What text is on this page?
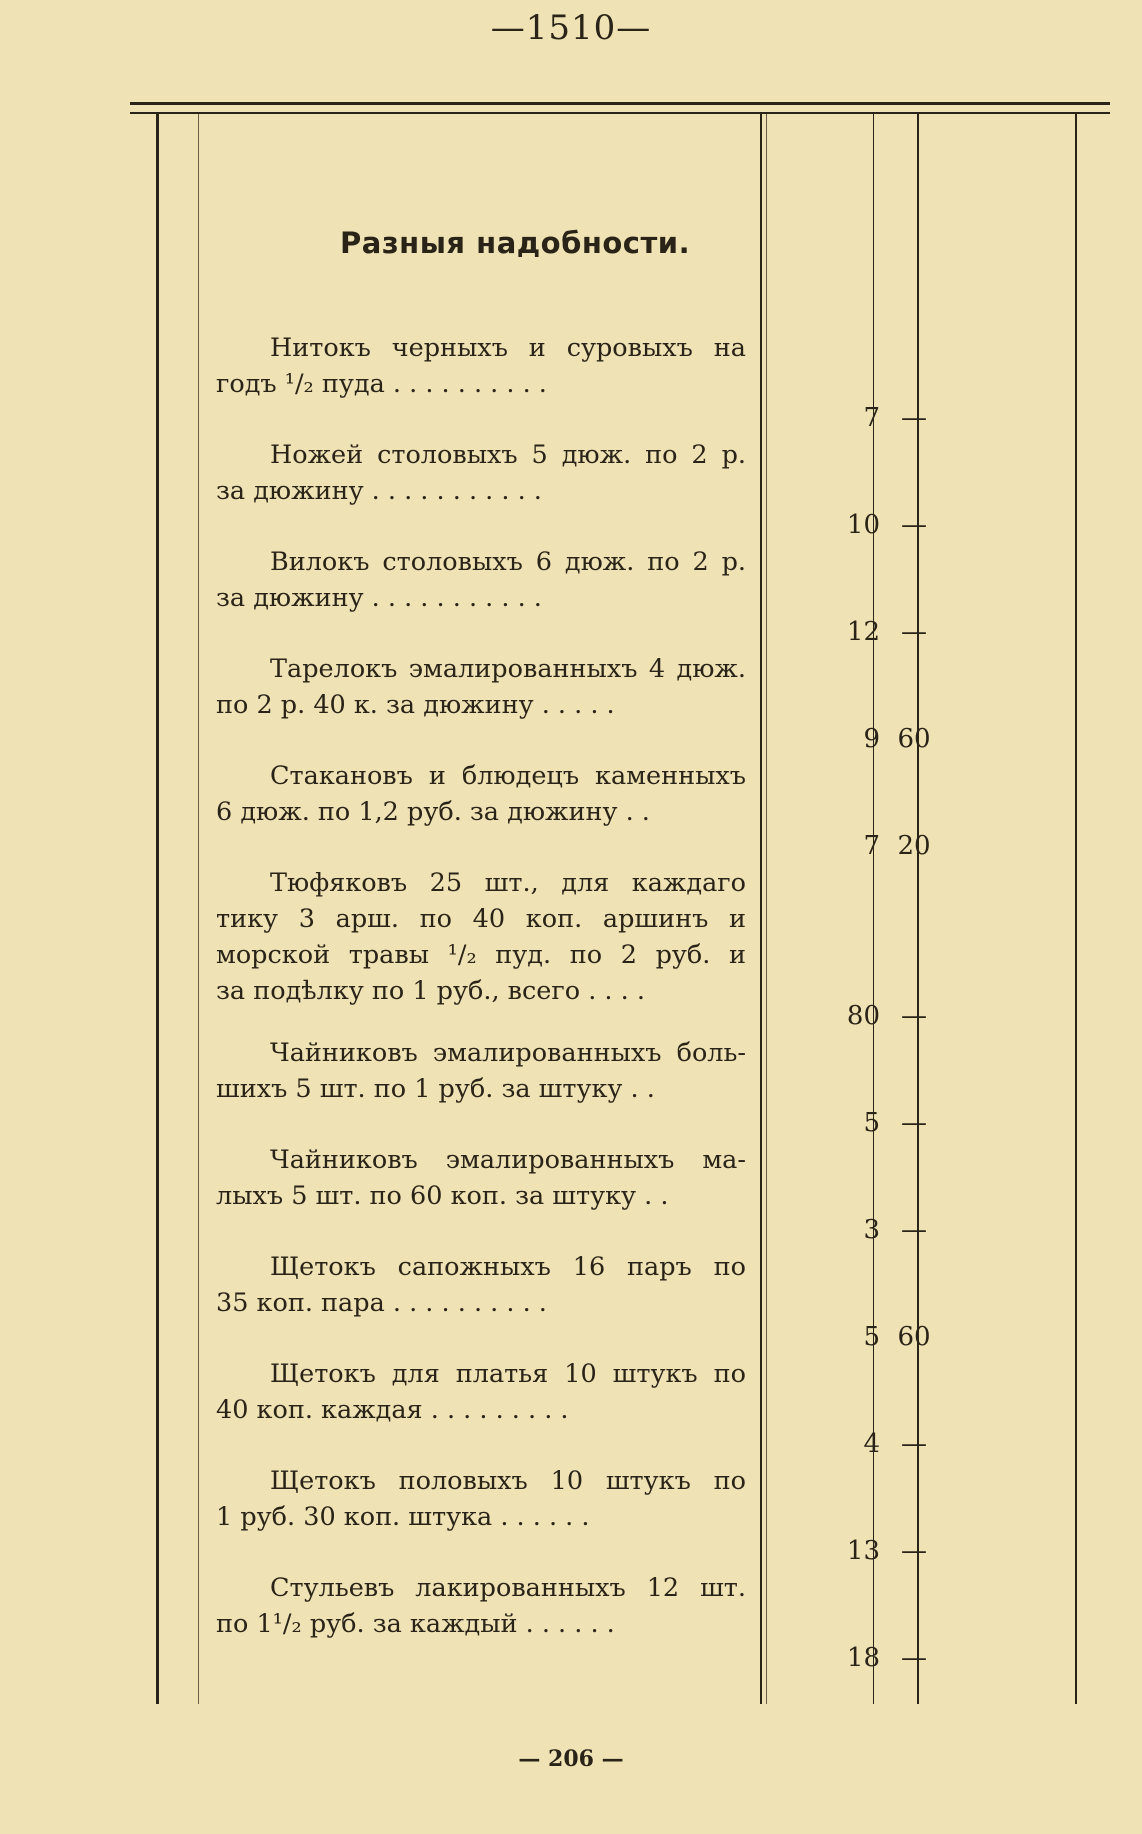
—1510—
Разныя надобности.
Нитокъ черныхъ и суровыхъ на
годъ ¹/₂ пуда . . . . . . . . . .
7 —
Ножей столовыхъ 5 дюж. по 2 р.
за дюжину . . . . . . . . . . .
10 —
Вилокъ столовыхъ 6 дюж. по 2 р.
за дюжину . . . . . . . . . . .
12 —
Тарелокъ эмалированныхъ 4 дюж.
по 2 р. 40 к. за дюжину . . . . .
9 60
Стакановъ и блюдецъ каменныхъ
6 дюж. по 1,2 руб. за дюжину . .
7 20
Тюфяковъ 25 шт., для каждаго
тику 3 арш. по 40 коп. аршинъ и
морской травы ¹/₂ пуд. по 2 руб. и
за подѣлку по 1 руб., всего . . . .
80 —
Чайниковъ эмалированныхъ боль-
шихъ 5 шт. по 1 руб. за штуку . .
5 —
Чайниковъ эмалированныхъ ма-
лыхъ 5 шт. по 60 коп. за штуку . .
3 —
Щетокъ сапожныхъ 16 паръ по
35 коп. пара . . . . . . . . . .
5 60
Щетокъ для платья 10 штукъ по
40 коп. каждая . . . . . . . . .
4 —
Щетокъ половыхъ 10 штукъ по
1 руб. 30 коп. штука . . . . . .
13 —
Стульевъ лакированныхъ 12 шт.
по 1¹/₂ руб. за каждый . . . . . .
18 —
— 206 —
